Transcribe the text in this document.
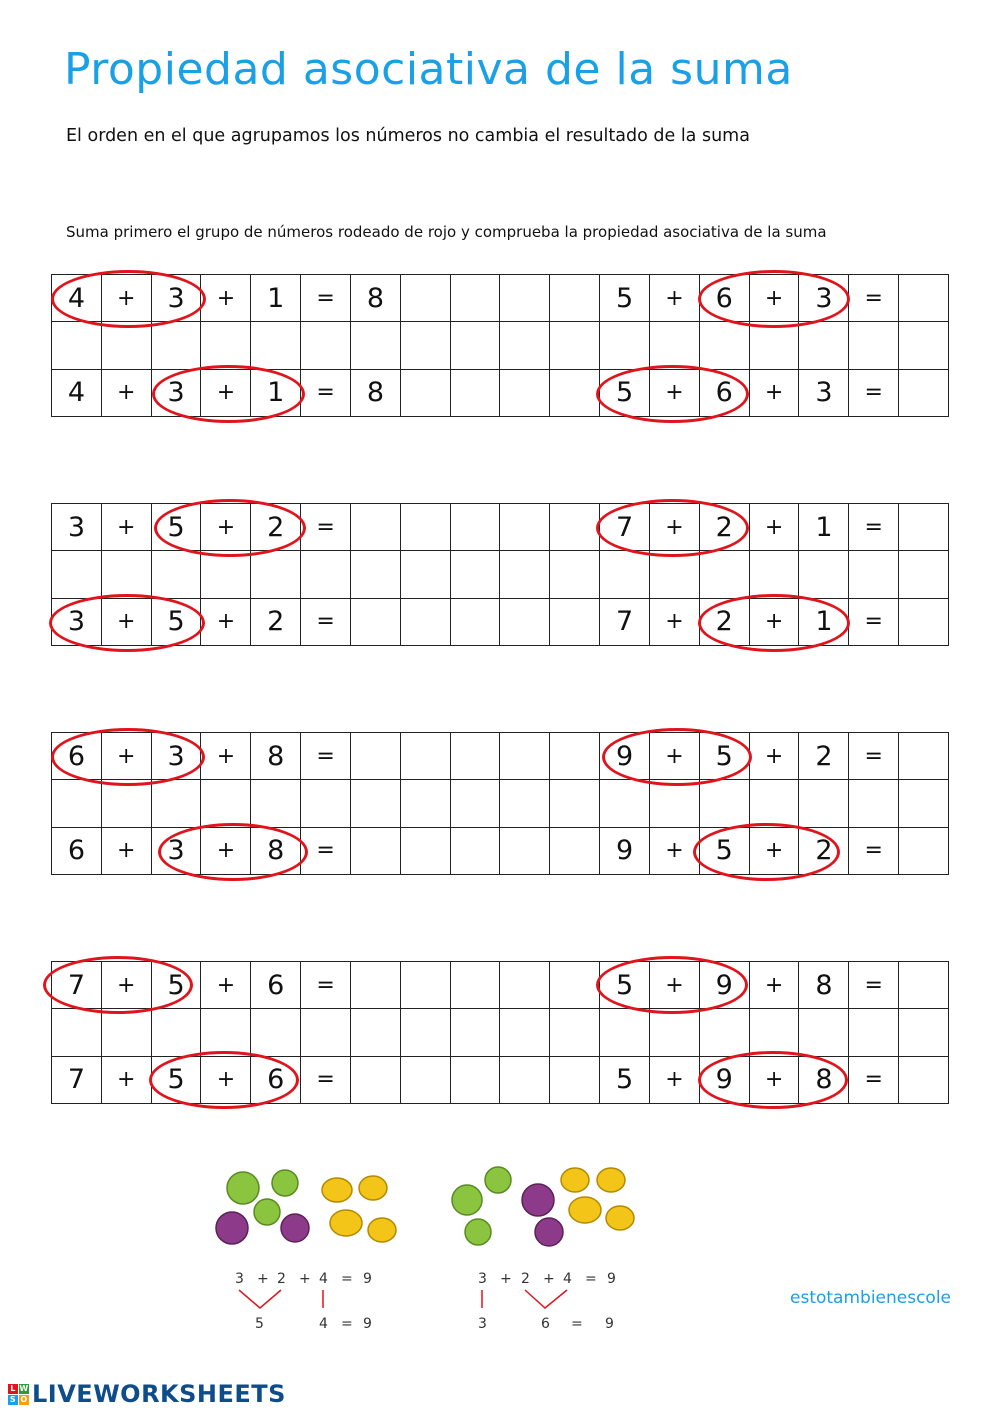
Propiedad asociativa de la suma
El orden en el que agrupamos los números no cambia el resultado de la suma
Suma primero el grupo de números rodeado de rojo y comprueba la propiedad asociativa de la suma
4	+	3	+	1	=	8	5	+	6	+	3	=
4	+	3	+	1	=	8	5	+	6	+	3	=
3	+	5	+	2	=	7	+	2	+	1	=
3	+	5	+	2	=	7	+	2	+	1	=
6	+	3	+	8	=	9	+	5	+	2	=
6	+	3	+	8	=	9	+	5	+	2	=
7	+	5	+	6	=	5	+	9	+	8	=
7	+	5	+	6	=	5	+	9	+	8	=
3 + 2 + 4 = 9
5	4 = 9
3 + 2 + 4 = 9
3	6 = 9
estotambienescole
L W
S O LIVEWORKSHEETS
